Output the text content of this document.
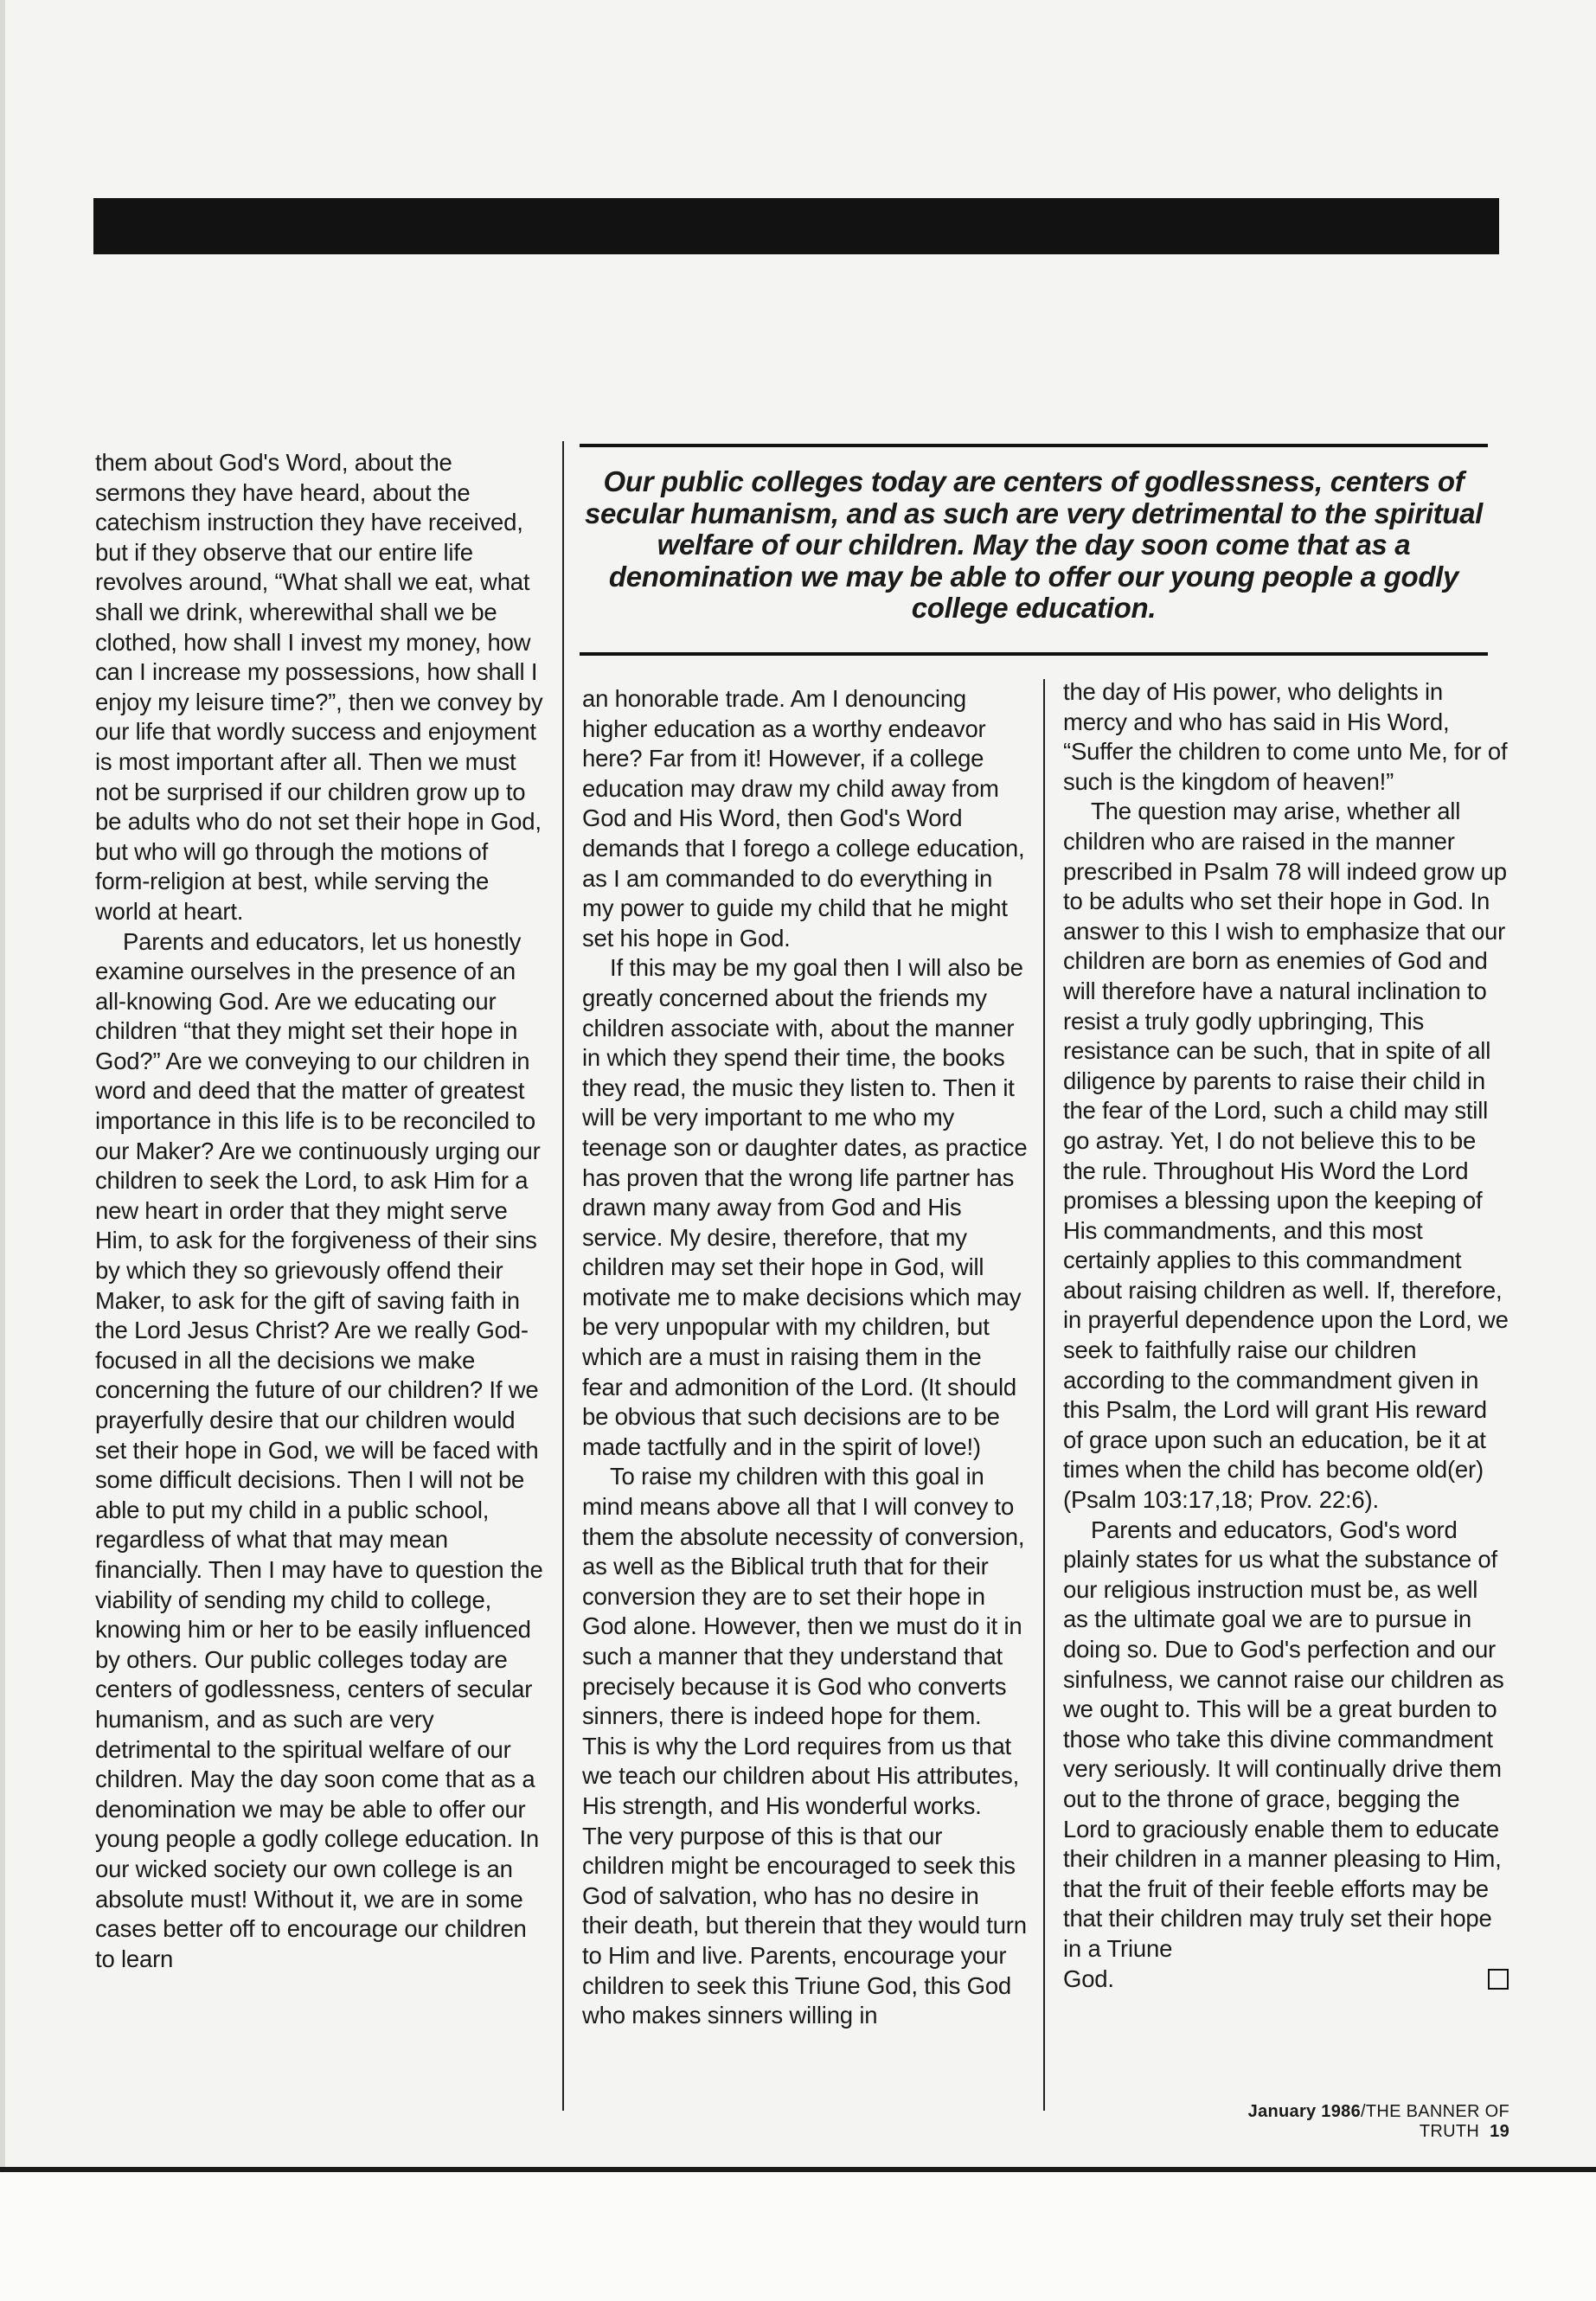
them about God's Word, about the sermons they have heard, about the catechism instruction they have received, but if they observe that our entire life revolves around, “What shall we eat, what shall we drink, wherewithal shall we be clothed, how shall I invest my money, how can I increase my possessions, how shall I enjoy my leisure time?”, then we convey by our life that wordly success and enjoyment is most important after all. Then we must not be surprised if our children grow up to be adults who do not set their hope in God, but who will go through the motions of form-religion at best, while serving the world at heart.

Parents and educators, let us honestly examine ourselves in the presence of an all-knowing God. Are we educating our children “that they might set their hope in God?” Are we conveying to our children in word and deed that the matter of greatest importance in this life is to be reconciled to our Maker? Are we continuously urging our children to seek the Lord, to ask Him for a new heart in order that they might serve Him, to ask for the forgiveness of their sins by which they so grievously offend their Maker, to ask for the gift of saving faith in the Lord Jesus Christ? Are we really God-focused in all the decisions we make concerning the future of our children? If we prayerfully desire that our children would set their hope in God, we will be faced with some difficult decisions. Then I will not be able to put my child in a public school, regardless of what that may mean financially. Then I may have to question the viability of sending my child to college, knowing him or her to be easily influenced by others. Our public colleges today are centers of godlessness, centers of secular humanism, and as such are very detrimental to the spiritual welfare of our children. May the day soon come that as a denomination we may be able to offer our young people a godly college education. In our wicked society our own college is an absolute must! Without it, we are in some cases better off to encourage our children to learn

Our public colleges today are centers of godlessness, centers of secular humanism, and as such are very detrimental to the spiritual welfare of our children. May the day soon come that as a denomination we may be able to offer our young people a godly college education.

an honorable trade. Am I denouncing higher education as a worthy endeavor here? Far from it! However, if a college education may draw my child away from God and His Word, then God's Word demands that I forego a college education, as I am commanded to do everything in my power to guide my child that he might set his hope in God.

If this may be my goal then I will also be greatly concerned about the friends my children associate with, about the manner in which they spend their time, the books they read, the music they listen to. Then it will be very important to me who my teenage son or daughter dates, as practice has proven that the wrong life partner has drawn many away from God and His service. My desire, therefore, that my children may set their hope in God, will motivate me to make decisions which may be very unpopular with my children, but which are a must in raising them in the fear and admonition of the Lord. (It should be obvious that such decisions are to be made tactfully and in the spirit of love!)

To raise my children with this goal in mind means above all that I will convey to them the absolute necessity of conversion, as well as the Biblical truth that for their conversion they are to set their hope in God alone. However, then we must do it in such a manner that they understand that precisely because it is God who converts sinners, there is indeed hope for them. This is why the Lord requires from us that we teach our children about His attributes, His strength, and His wonderful works. The very purpose of this is that our children might be encouraged to seek this God of salvation, who has no desire in their death, but therein that they would turn to Him and live. Parents, encourage your children to seek this Triune God, this God who makes sinners willing in

the day of His power, who delights in mercy and who has said in His Word, “Suffer the children to come unto Me, for of such is the kingdom of heaven!”

The question may arise, whether all children who are raised in the manner prescribed in Psalm 78 will indeed grow up to be adults who set their hope in God. In answer to this I wish to emphasize that our children are born as enemies of God and will therefore have a natural inclination to resist a truly godly upbringing, This resistance can be such, that in spite of all diligence by parents to raise their child in the fear of the Lord, such a child may still go astray. Yet, I do not believe this to be the rule. Throughout His Word the Lord promises a blessing upon the keeping of His commandments, and this most certainly applies to this commandment about raising children as well. If, therefore, in prayerful dependence upon the Lord, we seek to faithfully raise our children according to the commandment given in this Psalm, the Lord will grant His reward of grace upon such an education, be it at times when the child has become old(er) (Psalm 103:17,18; Prov. 22:6).

Parents and educators, God's word plainly states for us what the substance of our religious instruction must be, as well as the ultimate goal we are to pursue in doing so. Due to God's perfection and our sinfulness, we cannot raise our children as we ought to. This will be a great burden to those who take this divine commandment very seriously. It will continually drive them out to the throne of grace, begging the Lord to graciously enable them to educate their children in a manner pleasing to Him, that the fruit of their feeble efforts may be that their children may truly set their hope in a Triune

God.

January 1986/THE BANNER OF TRUTH 19
